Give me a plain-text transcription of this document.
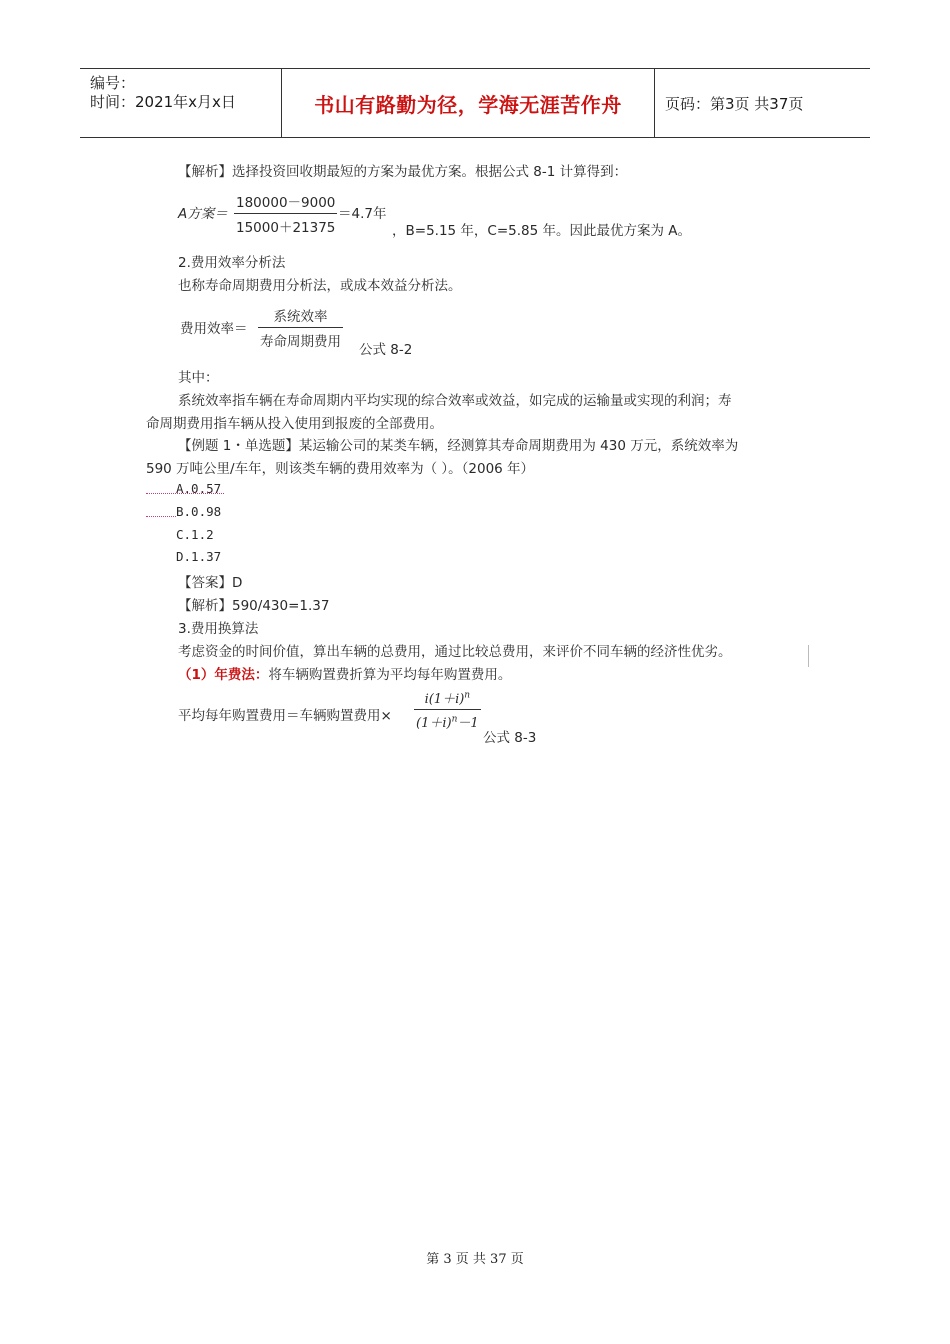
编号：
时间：2021年x月x日	书山有路勤为径，学海无涯苦作舟	页码：第3页 共37页
【解析】选择投资回收期最短的方案为最优方案。根据公式 8-1 计算得到：
A方案＝ $\frac{180000-9000}{15000+21375} =4.7$年
，B=5.15 年，C=5.85 年。因此最优方案为 A。
2.费用效率分析法
也称寿命周期费用分析法，或成本效益分析法。
费用效率＝
系统效率
寿命周期费用 公式 8-2
其中：
系统效率指车辆在寿命周期内平均实现的综合效率或效益，如完成的运输量或实现的利润；寿
命周期费用指车辆从投入使用到报废的全部费用。
【例题 1・单选题】某运输公司的某类车辆，经测算其寿命周期费用为 430 万元，系统效率为
590 万吨公里/车年，则该类车辆的费用效率为（ ）。（2006 年）
A.0.57
B.0.98
C.1.2
D.1.37
【答案】D
【解析】590/430=1.37
3.费用换算法
考虑资金的时间价值，算出车辆的总费用，通过比较总费用，来评价不同车辆的经济性优劣。
（1）年费法：将车辆购置费折算为平均每年购置费用。
平均每年购置费用＝车辆购置费用× $\frac{i(1+i)^n}{(1+i)^n-1}$
公式 8-3
第 3 页 共 37 页
